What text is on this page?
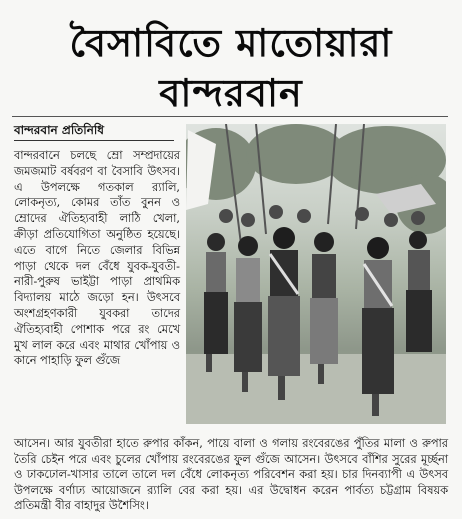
বৈসাবিতে মাতোয়ারা
বান্দরবান
বান্দরবান প্রতিনিধি
বান্দরবানে চলছে ম্রো সম্প্রদায়ের জমজমাট বর্ষবরণ বা বৈসাবি উৎসব। এ উপলক্ষে গতকাল র‍্যালি, লোকনৃত্য, কোমর তাঁত বুনন ও ম্রোদের ঐতিহ্যবাহী লাঠি খেলা, ক্রীড়া প্রতিযোগিতা অনুষ্ঠিত হয়েছে। এতে বাগে নিতে জেলার বিভিন্ন পাড়া থেকে দল বেঁধে যুবক-যুবতী-নারী-পুরুষ ভাইট্টা পাড়া প্রাথমিক বিদ্যালয় মাঠে জড়ো হন। উৎসবে অংশগ্রহণকারী যুবকরা তাদের ঐতিহ্যবাহী পোশাক পরে রং মেখে মুখ লাল করে এবং মাথার খোঁপায় ও কানে পাহাড়ি ফুল গুঁজে
আসেন। আর যুবতীরা হাতে রুপার কাঁকন, পায়ে বালা ও গলায় রংবেরঙের পুঁতির মালা ও রুপার তৈরি চেইন পরে এবং চুলের খোঁপায় রংবেরঙের ফুল গুঁজে আসেন। উৎসবে বাঁশির সুরের মূর্চ্ছনা ও ঢাকঢোল-খাসার তালে তালে দল বেঁধে লোকনৃত্য পরিবেশন করা হয়। চার দিনব্যাপী এ উৎসব উপলক্ষে বর্ণাঢ্য আয়োজনে র‍্যালি বের করা হয়। এর উদ্বোধন করেন পার্বত্য চট্টগ্রাম বিষয়ক প্রতিমন্ত্রী বীর বাহাদুর উশৈসিং।
